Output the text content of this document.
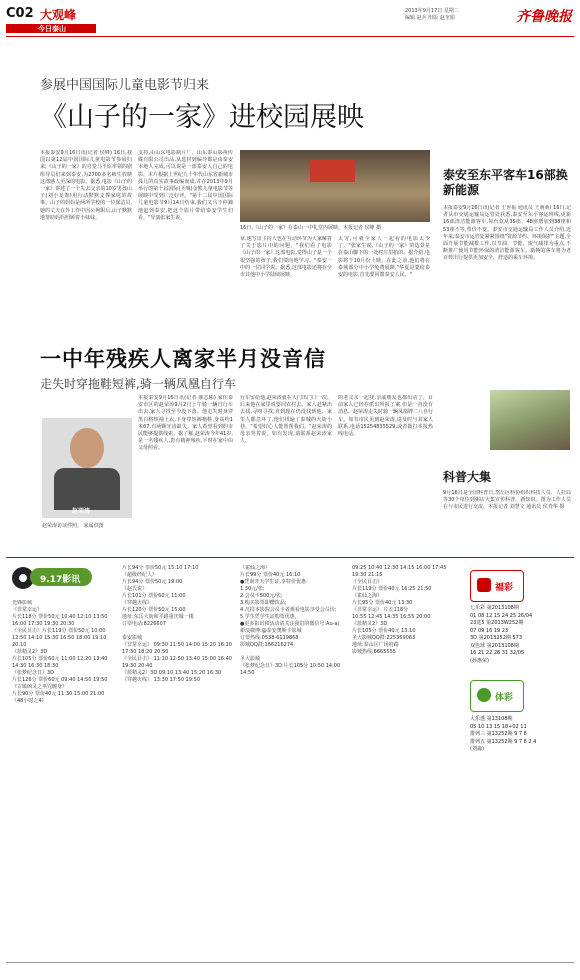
C02 大观峰
今日泰山
2013年9月17日 星期二
编辑 赵兵 组版 赵奎娟	齐鲁晚报
参展中国国际儿童电影节归来
《山子的一家》进校园展映
本报泰安9月16日讯(记者 侯峰) 16日,我国以第12届中国国际儿童电影节参展归来,《山子的一家》的自觉马平原率领的剧组导员们来到泰安,为2700多名师生放映这部感人至深的电影。据悉,电影《山子的一家》讲述了一个失去父亲的10岁男孩山子(刘小龙饰)用行动默默支撑家庭的故事。山子的妈妈是两所学校的一位保洁员,她的丈夫在外工作中因公殉职后,山子默默地帮助妈妈照顾着小妹妹。
支持,由山东电影制片厂、山东泰山影视传媒有限公司出品,从选材到编导都是由泰安本地人完成,可以说是一部泰安人自己的电影。本片根据上世纪九十年代山东省新城市孤儿的真实故事改编而成,并在2013年9月举行的第十届国际(圣城)金熊儿童电影节等展映中受到广泛好评。"第十二届中国国际儿童电影节9月14日结束,我们又马不停蹄地赶到泰安,把这个影片带给泰安学生们看。"导演张家生说。
16日,《山子的一家》在泰山一中礼堂内展映。本报记者 侯峰 摄
章,速写出主持人也在互动环节为大家解答了关于影片中的问题。"我们看了电影《山子的一家》这部电影,觉得山子是一个很坚强的孩子,我们要向他学习。"泰安一中的一位同学说。据悉,这部电影还将在全市其他中小学陆续展映。
太穷,可就全家人一起看的电影太少了。"张家生说,《山子的一家》的选景是在泰山脚下的一处村庄里拍的。据介绍,电影将于10月份上映。在此之前,他们将在泰城部分中小学免费展映,"华夏是要给泰安的电影,首先要回馈泰安人民。"
泰安至东平客车16部换新能源
本报泰安9月16日讯(记者 王世振 通讯员 王萌萌) 16日,记者从市交通运输局运管处获悉,泰安至东平客运班线,更新16部清洁能源客车,每台款从35座、48座增加到38座和53座不等,票价不变。泰安市交通运输局工作人员介绍,近年来,泰安市运管处紧紧围绕"资源节约、环境保护"主题,全面开展节能减排工作,以节油、节能、废气减排为重点,不断推广使用节能环保的清洁能源客车。新换的客车将为老百姓出行提供更加安全、舒适的乘车环境。
科普大集
9月16日是全国科普日,岱岳区科协组织科技人员、人社局等30个单位到粥店大集宣传科普、新知识。图为工作人员在与市民进行交流。本报记者 刘慧文 通讯员 侯青华 摄
一中年残疾人离家半月没音信
走失时穿拖鞋短裤,骑一辆凤凰自行车
赵荣涛
赵荣涛访证件照。 家属供图
本报泰安9月16日讯(记者 郝志彬) 家住泰安市区的赵荣涛9月2日上午骑一辆自行车出去,家人寻找至今没下落。他走失时身穿黑白格短袖上衣,下身穿短裤拖鞋,身高约1米67,有两颗牙齿缺失。家人希望看到的市民能够提供线索。据了解,赵荣涛今年41岁,是一名残疾人,患有精神残疾,平时在家中由父母照看。
行车留给他,赵荣涛就在大门出门口一次。后来他在家里说要回农村去。家人赶紧出去找,寻呀寻找,直到现在仍没找到他。家里人都急坏了,他们找遍了泰城的大街小巷。"希望好心人能帮帮我们。"赵荣涛的母亲哭着说。如有发现,请联系赵荣涛家人。
的老父亲一起找,亲戚朋友也都出动了。目前家人已经在派出所报了案,但是一直没有消息。赵荣涛走失时骑一辆凤凰牌二八自行车。如有市民见到赵荣涛,请及时与其家人联系,电话15254835529,或者拨打本报热线电话。
9.17影讯
光锋影城
《非常幸运》
片长118分 票价50元 10:40 12:10 13:50 16:00 17:30 19:30 20:30
《全民目击》片长119分 票价50元 10:00 12:50 14:10 15:30 16:50 18:00 19:10 20:10
《蓝精灵2》3D
片长105分 票价60元 11:00 12:20 13:40 14:30 16:30 18:30
《张梦纪念日》3D
片长126分 票价60元 09:40 14:50 19:50
《古镇凶灵之巫咒缠身》
片长90分 票价40元 11:30 15:00 21:00
《48小时之4》
片长94分 票价50元 15:10 17:10
《超级经纪人》
片长94分 票价50元 19:00
《赵氏说》
片长101分 票价60元 11:00
《穿越火线》
片长120分 票价50元 15:00
地址:东岳大街和平路重庆城一楼
订票电话:8226607

泰安影城
《非常幸运》 09:30 11:50 14:00 15:20 16:10 17:30 18:20 20:50
《全民目击》 11:10 12:50 13:40 15:00 16:40 19:30 20:40
《蓝精灵2》3D 09:10 13:40 15:20 16:30
《穿越火线》 13:30 17:50 19:50
《雀仙之海》
片长99分 票价40元 16:10
●凭南开大学生证,享特价优惠:
1.30元/张;
2.会员卡500元/张;
3.购买影票即赠饮品;
4.凡持本影院会员卡者观看电影享受会员价;
5.学生凭学生证购票优惠。
●更多影讯和活动请关注我们的微信号:Au-ai
新浪微博:@泰安奥斯卡影城
订票热线:0538-6119868
影城QQ群:166216274

圣大影城
《张梦纪念日》3D 片长105分 10:50 14:00 14:50
09:25 10:40 12:30 14:15 16:00 17:45 19:30 21:15
《全民目击》
片长119分 票价40元 16:25 21:50
《雀仙之海》
片长95分 票价40元 13:30
《非常幸运》 片长118分
10:55 12:45 14:35 16:55 20:00
《蓝精灵2》3D
片长105分 票价40元 13:10
圣大影城QQ群:225369063
地址:泰山区广场府路
影城热线:6665555
福彩
七乐彩 第2013108期
01 08 12 15 24 25 26/04
23选5 第2013W252期
07 09 16 19 23
3D 第2013252期 573
双色球 第2013108期
16 21 22 28 31 32/05
(孙惠荣)
体彩
大乐透 第13108期
05 10 13 15 18+02 11
排列三 第13252期 9 7 8
排列五 第13252期 9 7 8 2 4
(刘淼)
